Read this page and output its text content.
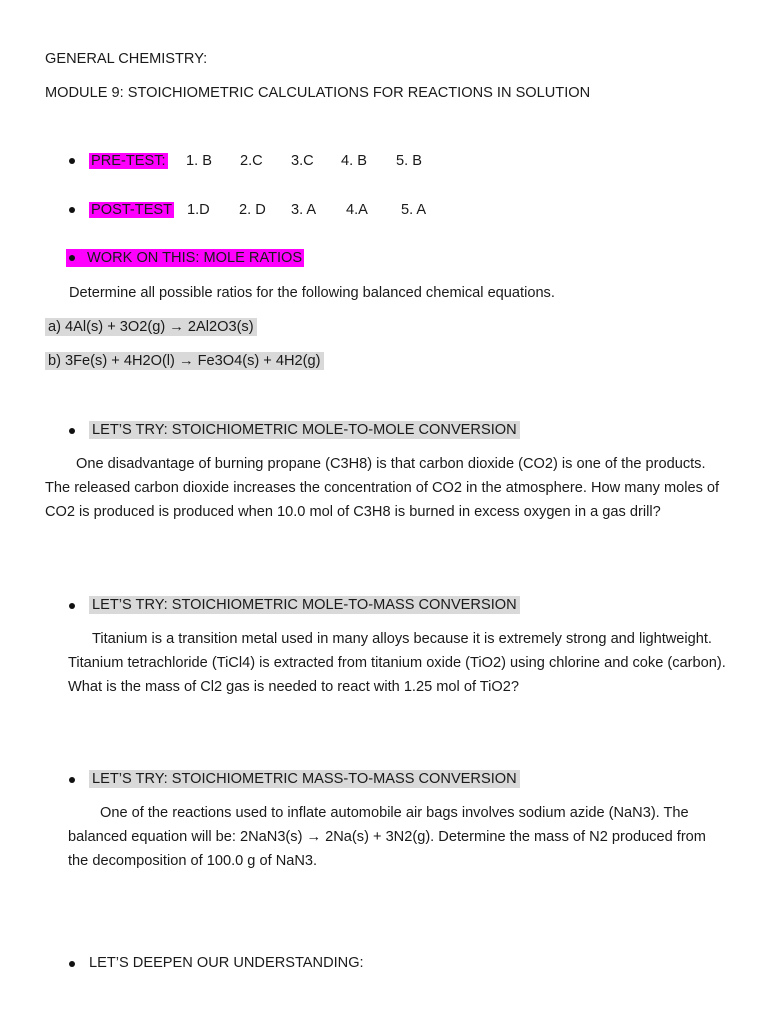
GENERAL CHEMISTRY:
MODULE 9: STOICHIOMETRIC CALCULATIONS FOR REACTIONS IN SOLUTION
PRE-TEST: 1. B 2.C 3.C 4. B 5. B
POST-TEST 1.D 2. D 3. A 4.A 5. A
WORK ON THIS: MOLE RATIOS
Determine all possible ratios for the following balanced chemical equations.
a) 4Al(s) + 3O2(g) → 2Al2O3(s)
b) 3Fe(s) + 4H2O(l) → Fe3O4(s) + 4H2(g)
LET’S TRY: STOICHIOMETRIC MOLE-TO-MOLE CONVERSION
One disadvantage of burning propane (C3H8) is that carbon dioxide (CO2) is one of the products. The released carbon dioxide increases the concentration of CO2 in the atmosphere. How many moles of CO2 is produced is produced when 10.0 mol of C3H8 is burned in excess oxygen in a gas drill?
LET’S TRY: STOICHIOMETRIC MOLE-TO-MASS CONVERSION
Titanium is a transition metal used in many alloys because it is extremely strong and lightweight. Titanium tetrachloride (TiCl4) is extracted from titanium oxide (TiO2) using chlorine and coke (carbon). What is the mass of Cl2 gas is needed to react with 1.25 mol of TiO2?
LET’S TRY: STOICHIOMETRIC MASS-TO-MASS CONVERSION
One of the reactions used to inflate automobile air bags involves sodium azide (NaN3). The balanced equation will be: 2NaN3(s) → 2Na(s) + 3N2(g). Determine the mass of N2 produced from the decomposition of 100.0 g of NaN3.
LET’S DEEPEN OUR UNDERSTANDING:
